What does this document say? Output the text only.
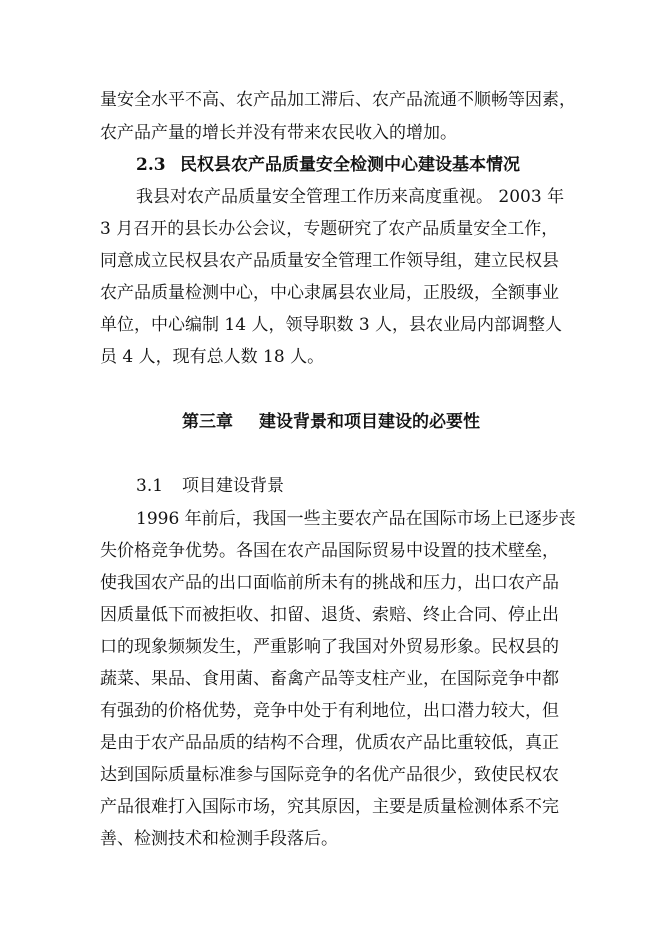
量安全水平不高、农产品加工滞后、农产品流通不顺畅等因素，
农产品产量的增长并没有带来农民收入的增加。
2.3 民权县农产品质量安全检测中心建设基本情况
我县对农产品质量安全管理工作历来高度重视。 2003 年
3 月召开的县长办公会议，专题研究了农产品质量安全工作，
同意成立民权县农产品质量安全管理工作领导组，建立民权县
农产品质量检测中心，中心隶属县农业局，正股级，全额事业
单位，中心编制 14 人，领导职数 3 人，县农业局内部调整人
员 4 人，现有总人数 18 人。
第三章 建设背景和项目建设的必要性
3.1 项目建设背景
1996 年前后，我国一些主要农产品在国际市场上已逐步丧
失价格竞争优势。各国在农产品国际贸易中设置的技术壁垒，
使我国农产品的出口面临前所未有的挑战和压力，出口农产品
因质量低下而被拒收、扣留、退货、索赔、终止合同、停止出
口的现象频频发生，严重影响了我国对外贸易形象。民权县的
蔬菜、果品、食用菌、畜禽产品等支柱产业，在国际竞争中都
有强劲的价格优势，竞争中处于有利地位，出口潜力较大，但
是由于农产品品质的结构不合理，优质农产品比重较低，真正
达到国际质量标准参与国际竞争的名优产品很少，致使民权农
产品很难打入国际市场，究其原因，主要是质量检测体系不完
善、检测技术和检测手段落后。
